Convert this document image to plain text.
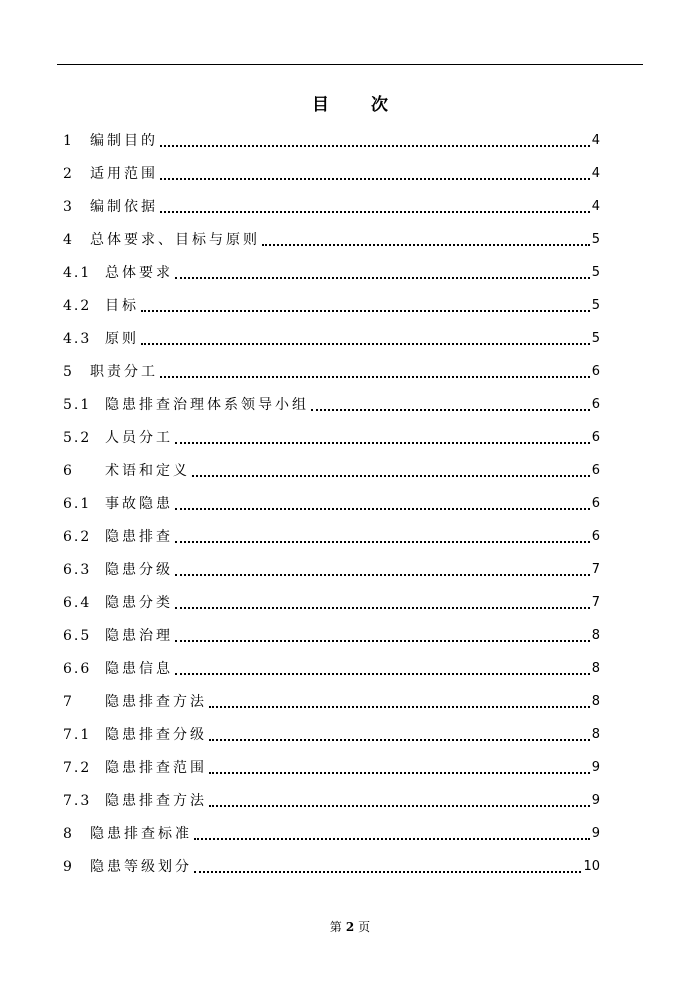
目 次
1 编制目的	4
2 适用范围	4
3 编制依据	4
4 总体要求、目标与原则	5
4.1 总体要求	5
4.2 目标	5
4.3 原则	5
5 职责分工	6
5.1 隐患排查治理体系领导小组	6
5.2 人员分工	6
6 术语和定义	6
6.1 事故隐患	6
6.2 隐患排查	6
6.3 隐患分级	7
6.4 隐患分类	7
6.5 隐患治理	8
6.6 隐患信息	8
7 隐患排查方法	8
7.1 隐患排查分级	8
7.2 隐患排查范围	9
7.3 隐患排查方法	9
8 隐患排查标准	9
9 隐患等级划分	10
第 2 页
